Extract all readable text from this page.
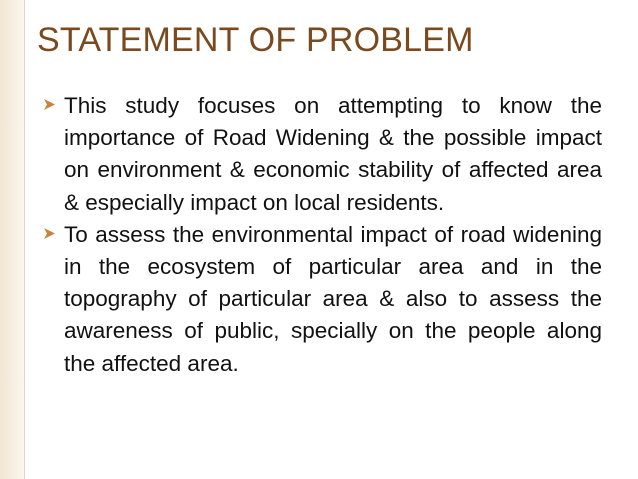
STATEMENT OF PROBLEM
This study focuses on attempting to know the importance of Road Widening & the possible impact on environment & economic stability of affected area & especially impact on local residents.
To assess the environmental impact of road widening in the ecosystem of particular area and in the topography of particular area & also to assess the awareness of public, specially on the people along the affected area.
